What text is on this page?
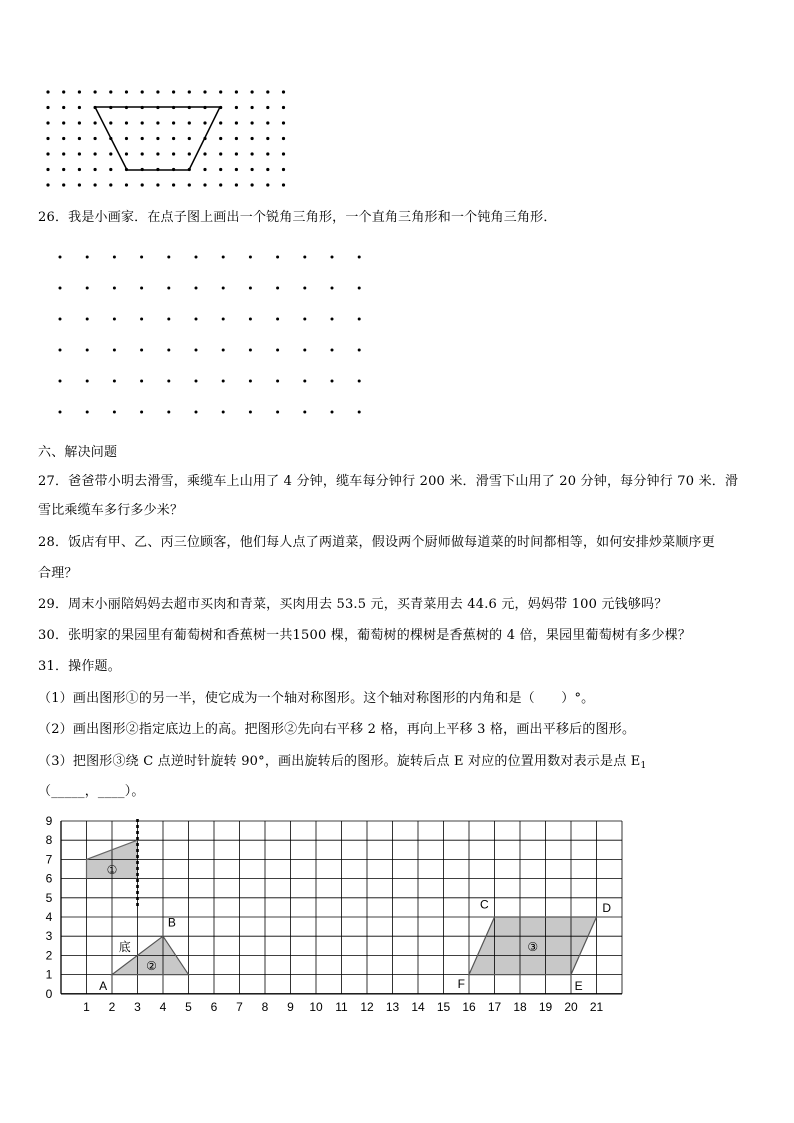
26．我是小画家．在点子图上画出一个锐角三角形，一个直角三角形和一个钝角三角形．
六、解决问题
27．爸爸带小明去滑雪，乘缆车上山用了 4 分钟，缆车每分钟行 200 米．滑雪下山用了 20 分钟，每分钟行 70 米．滑
雪比乘缆车多行多少米？
28．饭店有甲、乙、丙三位顾客，他们每人点了两道菜，假设两个厨师做每道菜的时间都相等，如何安排炒菜顺序更
合理？
29．周末小丽陪妈妈去超市买肉和青菜，买肉用去 53.5 元，买青菜用去 44.6 元，妈妈带 100 元钱够吗？
30．张明家的果园里有葡萄树和香蕉树一共1500 棵，葡萄树的棵树是香蕉树的 4 倍，果园里葡萄树有多少棵？
31．操作题。
（1）画出图形①的另一半，使它成为一个轴对称图形。这个轴对称图形的内角和是（　　）°。
（2）画出图形②指定底边上的高。把图形②先向右平移 2 格，再向上平移 3 格，画出平移后的图形。
（3）把图形③绕 C 点逆时针旋转 90°，画出旋转后的图形。旋转后点 E 对应的位置用数对表示是点 $E_1$
（_____，____）。
1 2 3 4 5 6 7 8 9 10 11 12 13 14 15 16 17 18 19 20 21
0
1
2
3
4
5
6
7
8
9
A
B
C	D
E
F
①
②
③
底
